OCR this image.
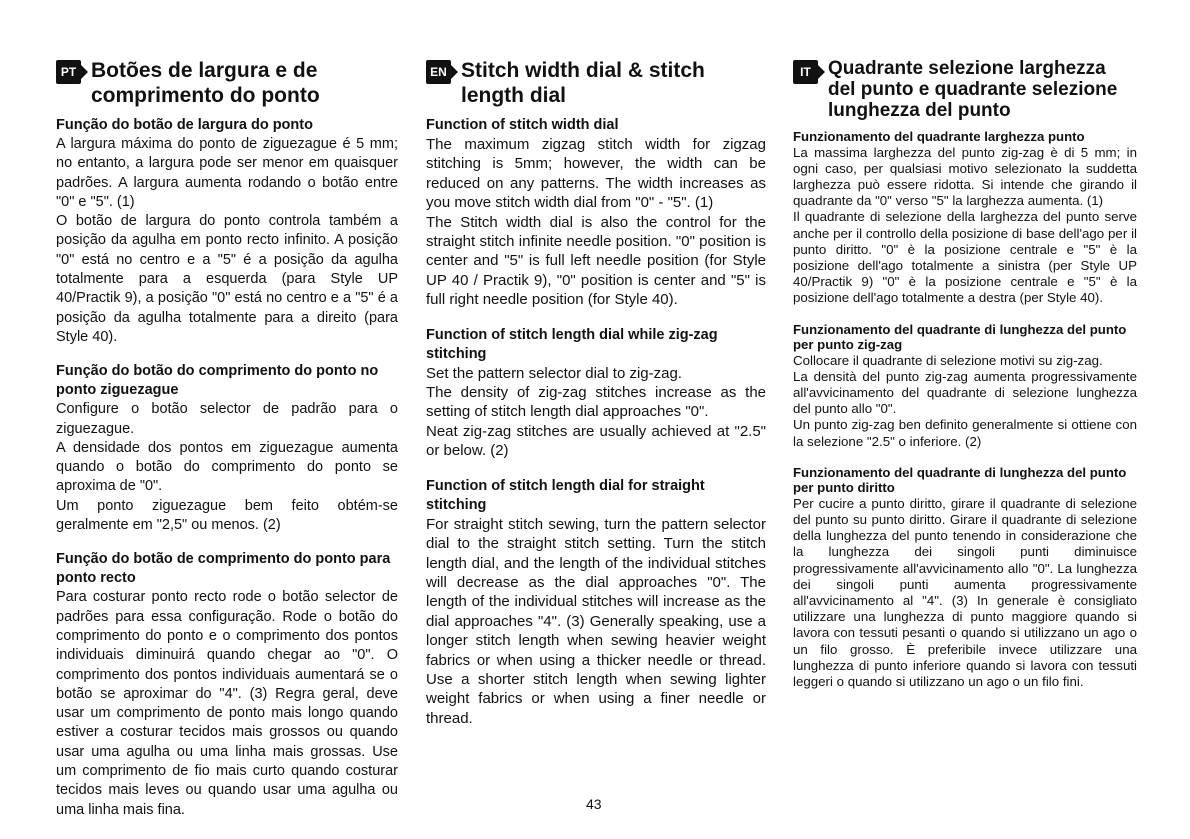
PT Botões de largura e de comprimento do ponto

Função do botão de largura do ponto

A largura máxima do ponto de ziguezague é 5 mm; no entanto, a largura pode ser menor em quaisquer padrões. A largura aumenta rodando o botão entre "0" e "5". (1)

O botão de largura do ponto controla também a posição da agulha em ponto recto infinito. A posição "0" está no centro e a "5" é a posição da agulha totalmente para a esquerda (para Style UP 40/Practik 9), a posição "0" está no centro e a "5" é a posição da agulha totalmente para a direito (para Style 40).

Função do botão do comprimento do ponto no ponto ziguezague

Configure o botão selector de padrão para o ziguezague.

A densidade dos pontos em ziguezague aumenta quando o botão do comprimento do ponto se aproxima de "0".

Um ponto ziguezague bem feito obtém-se geralmente em "2,5" ou menos. (2)

Função do botão de comprimento do ponto para ponto recto

Para costurar ponto recto rode o botão selector de padrões para essa configuração. Rode o botão do comprimento do ponto e o comprimento dos pontos individuais diminuirá quando chegar ao "0". O comprimento dos pontos individuais aumentará se o botão se aproximar do "4". (3) Regra geral, deve usar um comprimento de ponto mais longo quando estiver a costurar tecidos mais grossos ou quando usar uma agulha ou uma linha mais grossas. Use um comprimento de fio mais curto quando costurar tecidos mais leves ou quando usar uma agulha ou uma linha mais fina.

EN Stitch width dial & stitch length dial

Function of stitch width dial

The maximum zigzag stitch width for zigzag stitching is 5mm; however, the width can be reduced on any patterns. The width increases as you move stitch width dial from "0" - "5". (1)

The Stitch width dial is also the control for the straight stitch infinite needle position. "0" position is center and "5" is full left needle position (for Style UP 40 / Practik 9), "0" position is center and "5" is full right needle position (for Style 40).

Function of stitch length dial while zig-zag stitching

Set the pattern selector dial to zig-zag.

The density of zig-zag stitches increase as the setting of stitch length dial approaches "0".

Neat zig-zag stitches are usually achieved at "2.5" or below. (2)

Function of stitch length dial for straight stitching

For straight stitch sewing, turn the pattern selector dial to the straight stitch setting. Turn the stitch length dial, and the length of the individual stitches will decrease as the dial approaches "0". The length of the individual stitches will increase as the dial approaches "4". (3) Generally speaking, use a longer stitch length when sewing heavier weight fabrics or when using a thicker needle or thread. Use a shorter stitch length when sewing lighter weight fabrics or when using a finer needle or thread.

IT Quadrante selezione larghezza del punto e quadrante selezione lunghezza del punto

Funzionamento del quadrante larghezza punto

La massima larghezza del punto zig-zag è di 5 mm; in ogni caso, per qualsiasi motivo selezionato la suddetta larghezza può essere ridotta. Si intende che girando il quadrante da "0" verso "5" la larghezza aumenta. (1)

Il quadrante di selezione della larghezza del punto serve anche per il controllo della posizione di base dell'ago per il punto diritto. "0" è la posizione centrale e "5" è la posizione dell'ago totalmente a sinistra (per Style UP 40/Practik 9) "0" è la posizione centrale e "5" è la posizione dell'ago totalmente a destra (per Style 40).

Funzionamento del quadrante di lunghezza del punto per punto zig-zag

Collocare il quadrante di selezione motivi su zig-zag.

La densità del punto zig-zag aumenta progressivamente all'avvicinamento del quadrante di selezione lunghezza del punto allo "0".

Un punto zig-zag ben definito generalmente si ottiene con la selezione "2.5" o inferiore. (2)

Funzionamento del quadrante di lunghezza del punto per punto diritto

Per cucire a punto diritto, girare il quadrante di selezione del punto su punto diritto. Girare il quadrante di selezione della lunghezza del punto tenendo in considerazione che la lunghezza dei singoli punti diminuisce progressivamente all'avvicinamento allo "0". La lunghezza dei singoli punti aumenta progressivamente all'avvicinamento al "4". (3) In generale è consigliato utilizzare una lunghezza di punto maggiore quando si lavora con tessuti pesanti o quando si utilizzano un ago o un filo grosso. È preferibile invece utilizzare una lunghezza di punto inferiore quando si lavora con tessuti leggeri o quando si utilizzano un ago o un filo fini.

43
